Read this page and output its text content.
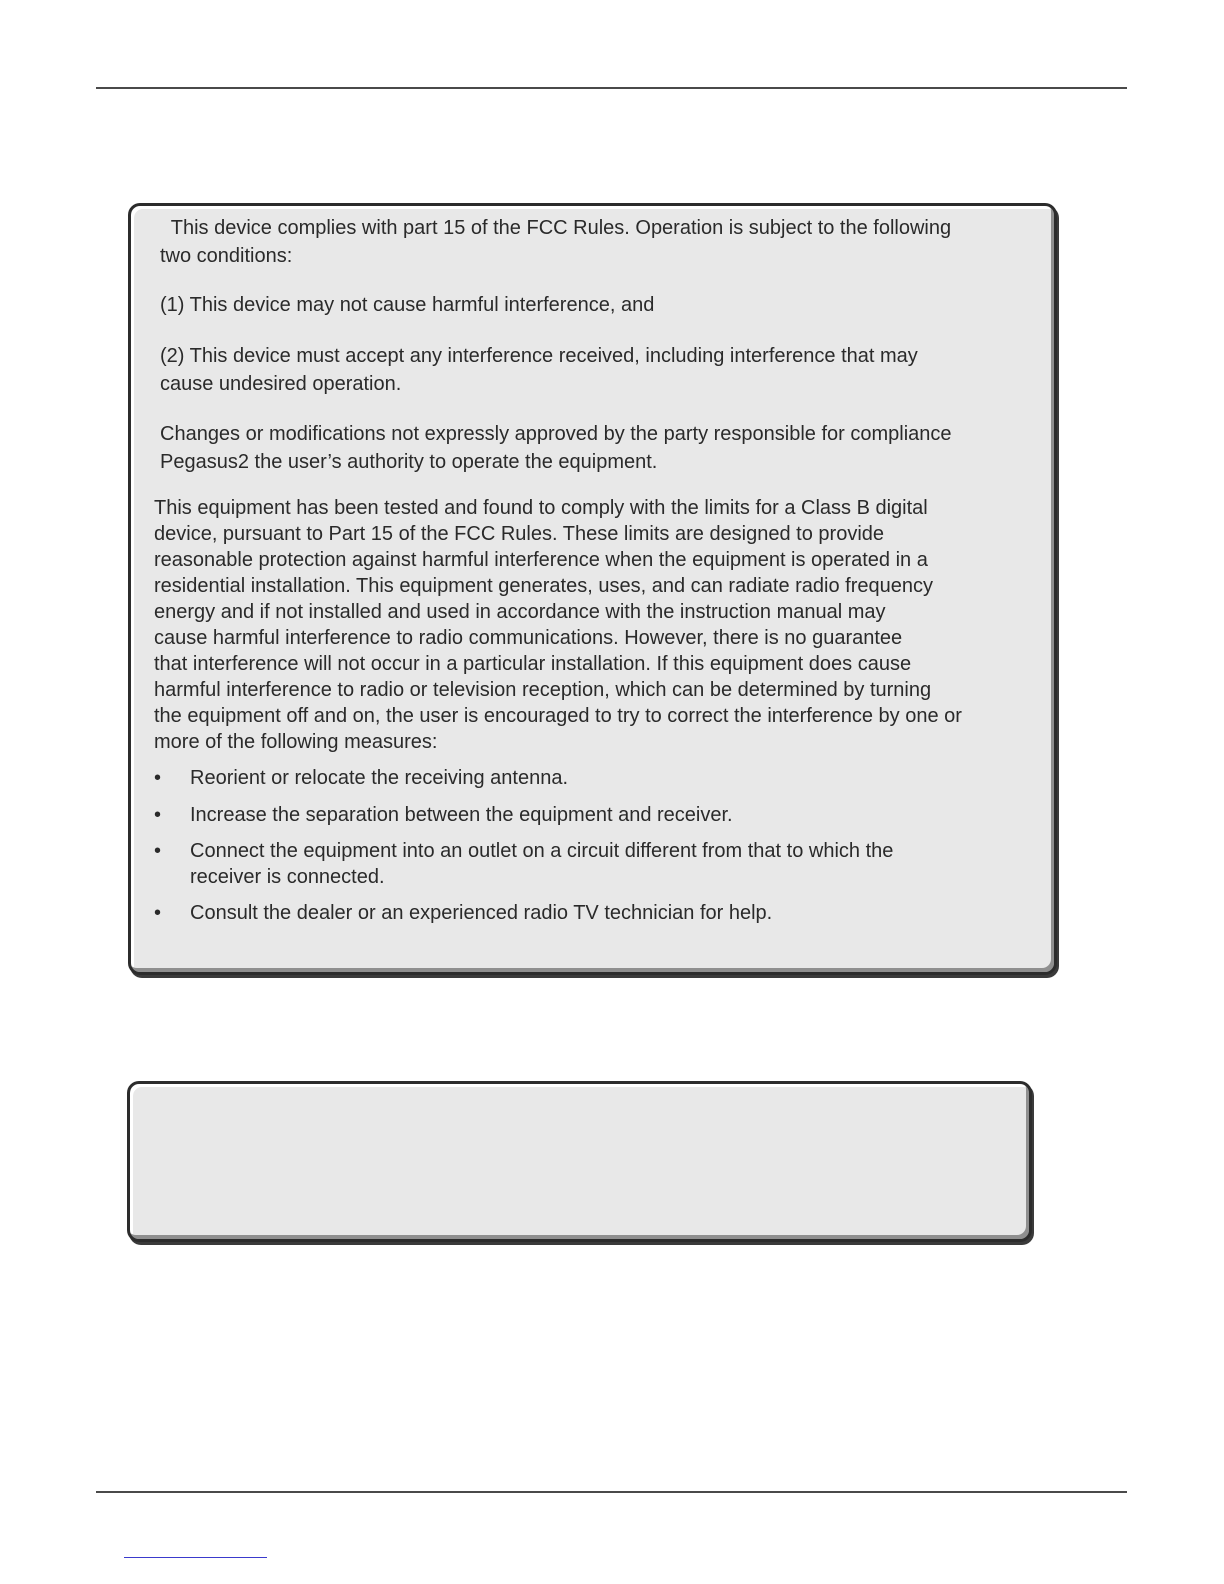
This device complies with part 15 of the FCC Rules. Operation is subject to the following
two conditions:
(1) This device may not cause harmful interference, and
(2) This device must accept any interference received, including interference that may
cause undesired operation.
Changes or modifications not expressly approved by the party responsible for compliance
Pegasus2 the user’s authority to operate the equipment.
This equipment has been tested and found to comply with the limits for a Class B digital
device, pursuant to Part 15 of the FCC Rules. These limits are designed to provide
reasonable protection against harmful interference when the equipment is operated in a
residential installation. This equipment generates, uses, and can radiate radio frequency
energy and if not installed and used in accordance with the instruction manual may
cause harmful interference to radio communications. However, there is no guarantee
that interference will not occur in a particular installation. If this equipment does cause
harmful interference to radio or television reception, which can be determined by turning
the equipment off and on, the user is encouraged to try to correct the interference by one or
more of the following measures:
• Reorient or relocate the receiving antenna.
• Increase the separation between the equipment and receiver.
• Connect the equipment into an outlet on a circuit different from that to which the
receiver is connected.
• Consult the dealer or an experienced radio TV technician for help.
